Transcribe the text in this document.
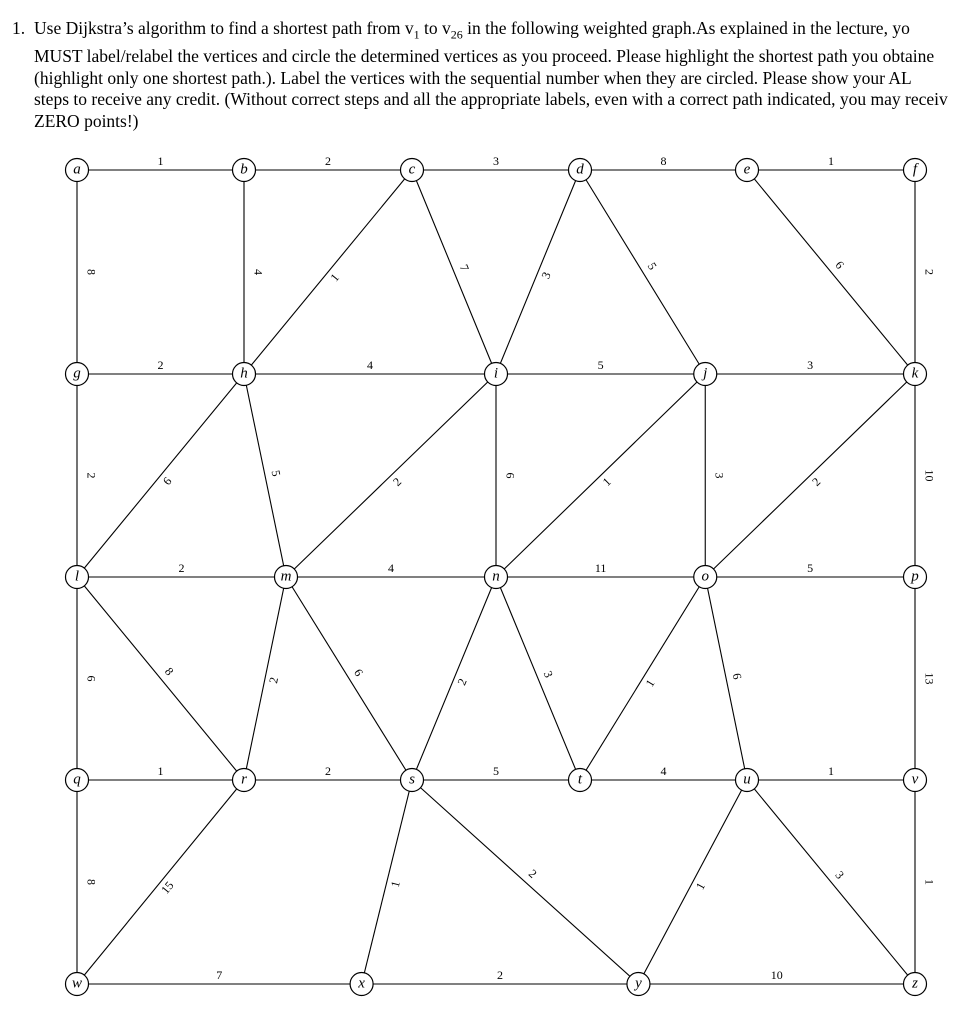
1. Use Dijkstra’s algorithm to find a shortest path from $v_1$ to $v_{26}$ in the following weighted graph.As explained in the lecture, yo

MUST label/relabel the vertices and circle the determined vertices as you proceed. Please highlight the shortest path you obtaine

(highlight only one shortest path.). Label the vertices with the sequential number when they are circled. Please show your AL

steps to receive any credit. (Without correct steps and all the appropriate labels, even with a correct path indicated, you may receiv

ZERO points!)

1	2	3	8	1
8	4	1
7
3
5	6
2
2	4	5	3
2	6
5
2	6	1	3	2	10
2	4	11	5
6
8
2
6
2
3
1
6	13
1	2	5	4	1
8	15	1
2
1
3
1
7	2	10
a	b	c	d	e	f
g	h	i	j	k
l	m	n	o	p
q	r	s	t	u	v
w	x	y	z
